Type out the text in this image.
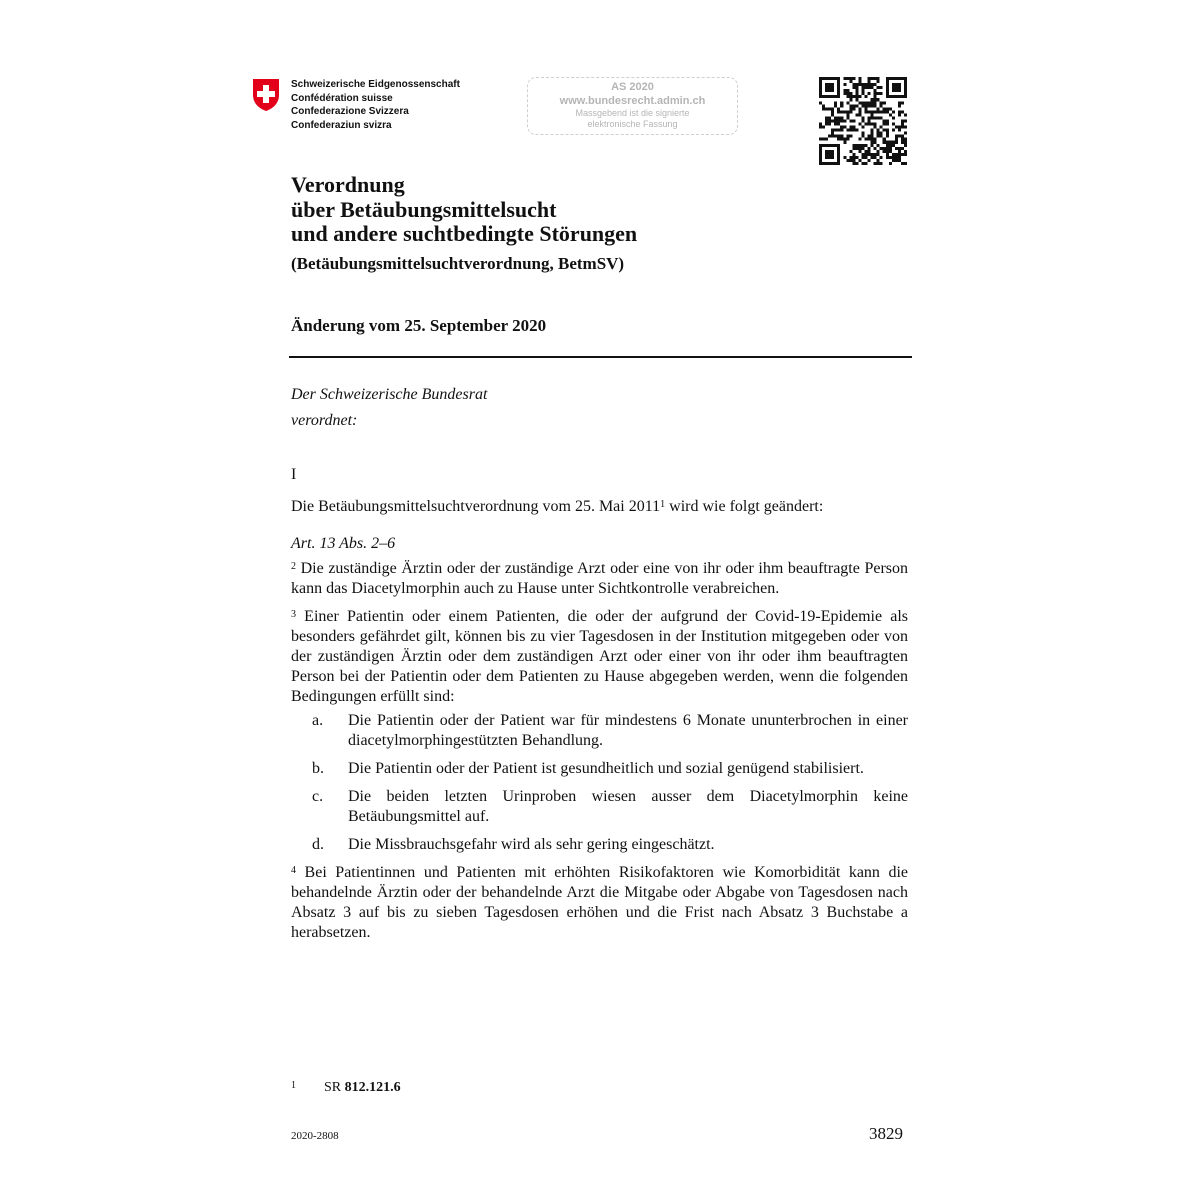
Schweizerische Eidgenossenschaft
Confédération suisse
Confederazione Svizzera
Confederaziun svizra
AS 2020
www.bundesrecht.admin.ch
Massgebend ist die signierte
elektronische Fassung
Verordnung
über Betäubungsmittelsucht
und andere suchtbedingte Störungen
(Betäubungsmittelsuchtverordnung, BetmSV)
Änderung vom 25. September 2020

Der Schweizerische Bundesrat

verordnet:

I

Die Betäubungsmittelsuchtverordnung vom 25. Mai 2011$^1$ wird wie folgt geändert:

Art. 13 Abs. 2–6

$^2$ Die zuständige Ärztin oder der zuständige Arzt oder eine von ihr oder ihm beauftragte Person kann das Diacetylmorphin auch zu Hause unter Sichtkontrolle verabreichen.

$^3$ Einer Patientin oder einem Patienten, die oder der aufgrund der Covid-19-Epidemie als besonders gefährdet gilt, können bis zu vier Tagesdosen in der Institution mitgegeben oder von der zuständigen Ärztin oder dem zuständigen Arzt oder einer von ihr oder ihm beauftragten Person bei der Patientin oder dem Patienten zu Hause abgegeben werden, wenn die folgenden Bedingungen erfüllt sind:

a. Die Patientin oder der Patient war für mindestens 6 Monate ununterbrochen in einer diacetylmorphingestützten Behandlung.
b. Die Patientin oder der Patient ist gesundheitlich und sozial genügend stabilisiert.
c. Die beiden letzten Urinproben wiesen ausser dem Diacetylmorphin keine Betäubungsmittel auf.
d. Die Missbrauchsgefahr wird als sehr gering eingeschätzt.

$^4$ Bei Patientinnen und Patienten mit erhöhten Risikofaktoren wie Komorbidität kann die behandelnde Ärztin oder der behandelnde Arzt die Mitgabe oder Abgabe von Tagesdosen nach Absatz 3 auf bis zu sieben Tagesdosen erhöhen und die Frist nach Absatz 3 Buchstabe a herabsetzen.

1 SR 812.121.6
2020-2808	3829
